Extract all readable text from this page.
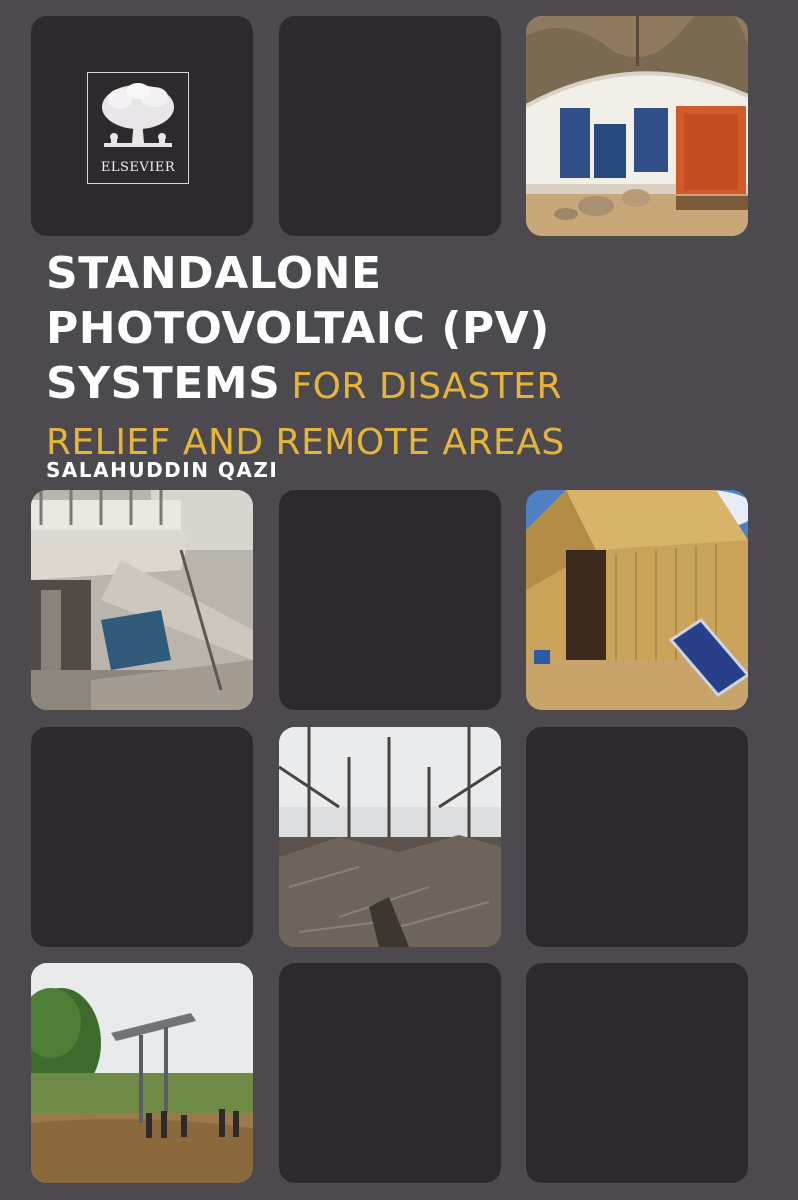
ELSEVIER
STANDALONE
PHOTOVOLTAIC (PV)
SYSTEMS FOR DISASTER
RELIEF AND REMOTE AREAS
SALAHUDDIN QAZI
